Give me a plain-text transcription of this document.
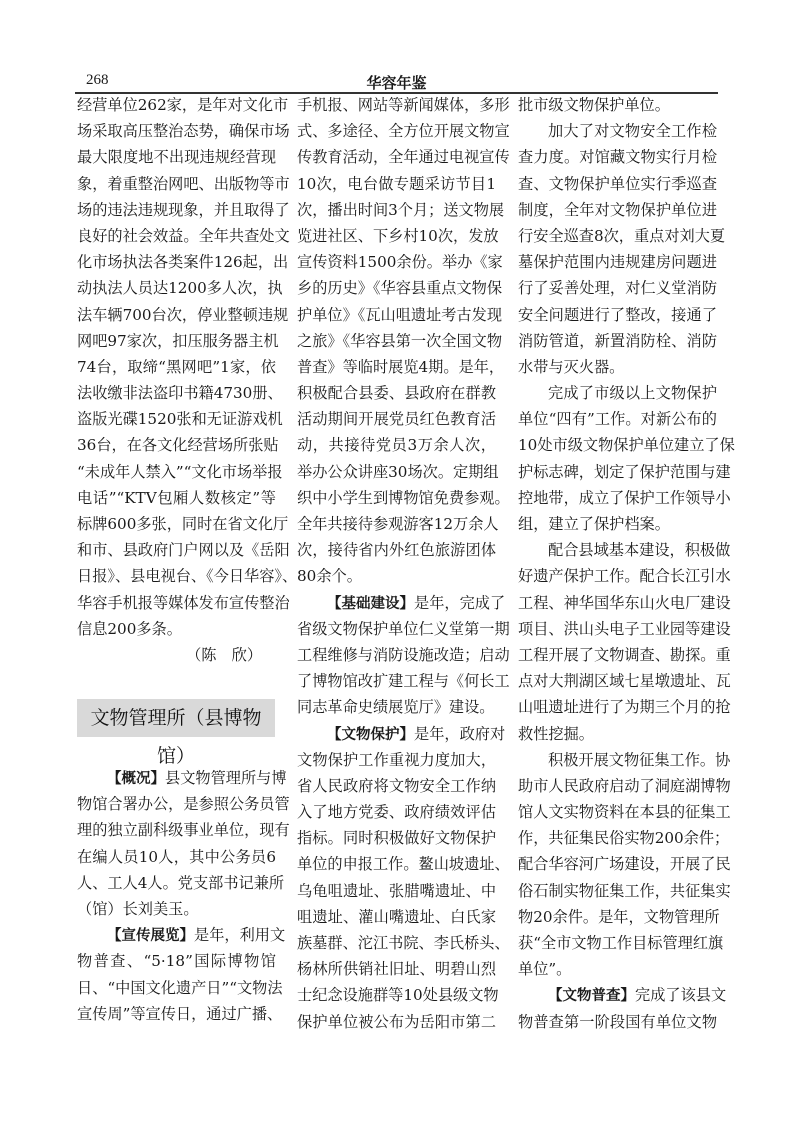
268	华容年鉴
经营单位262家，是年对文化市
场采取高压整治态势，确保市场
最大限度地不出现违规经营现
象，着重整治网吧、出版物等市
场的违法违规现象，并且取得了
良好的社会效益。全年共查处文
化市场执法各类案件126起，出
动执法人员达1200多人次，执
法车辆700台次，停业整顿违规
网吧97家次，扣压服务器主机
74台，取缔“黑网吧”1家，依
法收缴非法盗印书籍4730册、
盗版光碟1520张和无证游戏机
36台，在各文化经营场所张贴
“未成年人禁入”“文化市场举报
电话”“KTV包厢人数核定”等
标牌600多张，同时在省文化厅
和市、县政府门户网以及《岳阳
日报》、县电视台、《今日华容》、
华容手机报等媒体发布宣传整治
信息200多条。
（陈　欣）
【概况】县文物管理所与博
物馆合署办公，是参照公务员管
理的独立副科级事业单位，现有
在编人员10人，其中公务员6
人、工人4人。党支部书记兼所
（馆）长刘美玉。
【宣传展览】是年，利用文
物普查、“5·18”国际博物馆
日、“中国文化遗产日”“文物法
宣传周”等宣传日，通过广播、
文物管理所（县博物馆）
手机报、网站等新闻媒体，多形
式、多途径、全方位开展文物宣
传教育活动，全年通过电视宣传
10次，电台做专题采访节目1
次，播出时间3个月；送文物展
览进社区、下乡村10次，发放
宣传资料1500余份。举办《家
乡的历史》《华容县重点文物保
护单位》《瓦山咀遗址考古发现
之旅》《华容县第一次全国文物
普查》等临时展览4期。是年，
积极配合县委、县政府在群教
活动期间开展党员红色教育活
动，共接待党员3万余人次，
举办公众讲座30场次。定期组
织中小学生到博物馆免费参观。
全年共接待参观游客12万余人
次，接待省内外红色旅游团体
80余个。
【基础建设】是年，完成了
省级文物保护单位仁义堂第一期
工程维修与消防设施改造；启动
了博物馆改扩建工程与《何长工
同志革命史绩展览厅》建设。
【文物保护】是年，政府对
文物保护工作重视力度加大，
省人民政府将文物安全工作纳
入了地方党委、政府绩效评估
指标。同时积极做好文物保护
单位的申报工作。鳌山坡遗址、
乌龟咀遗址、张腊嘴遗址、中
咀遗址、灌山嘴遗址、白氏家
族墓群、沱江书院、李氏桥头、
杨林所供销社旧址、明碧山烈
士纪念设施群等10处县级文物
保护单位被公布为岳阳市第二
批市级文物保护单位。
加大了对文物安全工作检
查力度。对馆藏文物实行月检
查、文物保护单位实行季巡查
制度，全年对文物保护单位进
行安全巡查8次，重点对刘大夏
墓保护范围内违规建房问题进
行了妥善处理，对仁义堂消防
安全问题进行了整改，接通了
消防管道，新置消防栓、消防
水带与灭火器。
完成了市级以上文物保护
单位“四有”工作。对新公布的
10处市级文物保护单位建立了保
护标志碑，划定了保护范围与建
控地带，成立了保护工作领导小
组，建立了保护档案。
配合县域基本建设，积极做
好遗产保护工作。配合长江引水
工程、神华国华东山火电厂建设
项目、洪山头电子工业园等建设
工程开展了文物调查、勘探。重
点对大荆湖区域七星墩遗址、瓦
山咀遗址进行了为期三个月的抢
救性挖掘。
积极开展文物征集工作。协
助市人民政府启动了洞庭湖博物
馆人文实物资料在本县的征集工
作，共征集民俗实物200余件；
配合华容河广场建设，开展了民
俗石制实物征集工作，共征集实
物20余件。是年，文物管理所
获“全市文物工作目标管理红旗
单位”。
【文物普查】完成了该县文
物普查第一阶段国有单位文物
